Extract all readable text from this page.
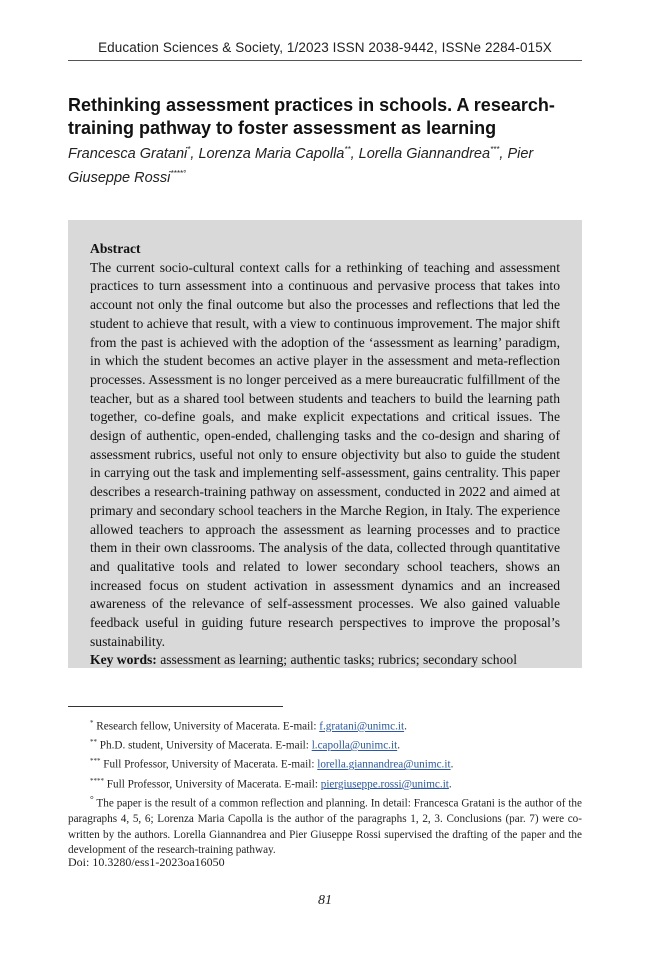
Education Sciences & Society, 1/2023 ISSN 2038-9442, ISSNe 2284-015X
Rethinking assessment practices in schools. A research-training pathway to foster assessment as learning
Francesca Gratani*, Lorenza Maria Capolla**, Lorella Giannandrea***, Pier Giuseppe Rossi****°
Abstract
The current socio-cultural context calls for a rethinking of teaching and assessment practices to turn assessment into a continuous and pervasive process that takes into account not only the final outcome but also the processes and reflections that led the student to achieve that result, with a view to continuous improvement. The major shift from the past is achieved with the adoption of the ‘assessment as learning’ paradigm, in which the student becomes an active player in the assessment and meta-reflection processes. Assessment is no longer perceived as a mere bureaucratic fulfillment of the teacher, but as a shared tool between students and teachers to build the learning path together, co-define goals, and make explicit expectations and critical issues. The design of authentic, open-ended, challenging tasks and the co-design and sharing of assessment rubrics, useful not only to ensure objectivity but also to guide the student in carrying out the task and implementing self-assessment, gains centrality. This paper describes a research-training pathway on assessment, conducted in 2022 and aimed at primary and secondary school teachers in the Marche Region, in Italy. The experience allowed teachers to approach the assessment as learning processes and to practice them in their own classrooms. The analysis of the data, collected through quantitative and qualitative tools and related to lower secondary school teachers, shows an increased focus on student activation in assessment dynamics and an increased awareness of the relevance of self-assessment processes. We also gained valuable feedback useful in guiding future research perspectives to improve the proposal’s sustainability.
Key words: assessment as learning; authentic tasks; rubrics; secondary school
* Research fellow, University of Macerata. E-mail: f.gratani@unimc.it.
** Ph.D. student, University of Macerata. E-mail: l.capolla@unimc.it.
*** Full Professor, University of Macerata. E-mail: lorella.giannandrea@unimc.it.
**** Full Professor, University of Macerata. E-mail: piergiuseppe.rossi@unimc.it.
° The paper is the result of a common reflection and planning. In detail: Francesca Gratani is the author of the paragraphs 4, 5, 6; Lorenza Maria Capolla is the author of the paragraphs 1, 2, 3. Conclusions (par. 7) were co-written by the authors. Lorella Giannandrea and Pier Giuseppe Rossi supervised the drafting of the paper and the development of the research-training pathway.
Doi: 10.3280/ess1-2023oa16050
81
